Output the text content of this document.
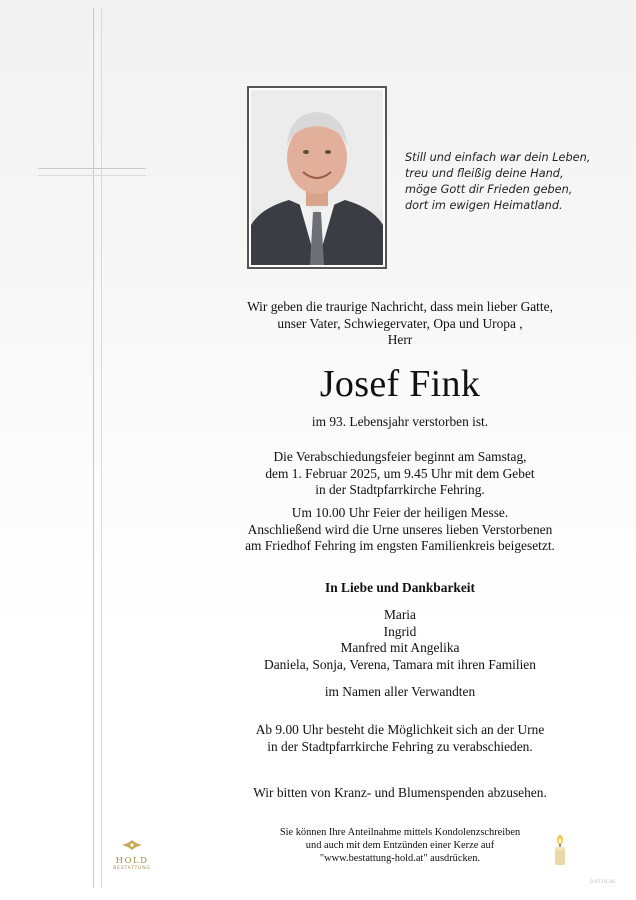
Still und einfach war dein Leben,
treu und fleißig deine Hand,
möge Gott dir Frieden geben,
dort im ewigen Heimatland.
Wir geben die traurige Nachricht, dass mein lieber Gatte,
unser Vater, Schwiegervater, Opa und Uropa ,
Herr
Josef Fink
im 93. Lebensjahr verstorben ist.
Die Verabschiedungsfeier beginnt am Samstag,
dem 1. Februar 2025, um 9.45 Uhr mit dem Gebet
in der Stadtpfarrkirche Fehring.
Um 10.00 Uhr Feier der heiligen Messe.
Anschließend wird die Urne unseres lieben Verstorbenen
am Friedhof Fehring im engsten Familienkreis beigesetzt.
In Liebe und Dankbarkeit
Maria
Ingrid
Manfred mit Angelika
Daniela, Sonja, Verena, Tamara mit ihren Familien
im Namen aller Verwandten
Ab 9.00 Uhr besteht die Möglichkeit sich an der Urne
in der Stadtpfarrkirche Fehring zu verabschieden.
Wir bitten von Kranz- und Blumenspenden abzusehen.
Sie können Ihre Anteilnahme mittels Kondolenzschreiben
und auch mit dem Entzünden einer Kerze auf
"www.bestattung-hold.at" ausdrücken.
HOLD
BESTATTUNG
D 07.01.06
